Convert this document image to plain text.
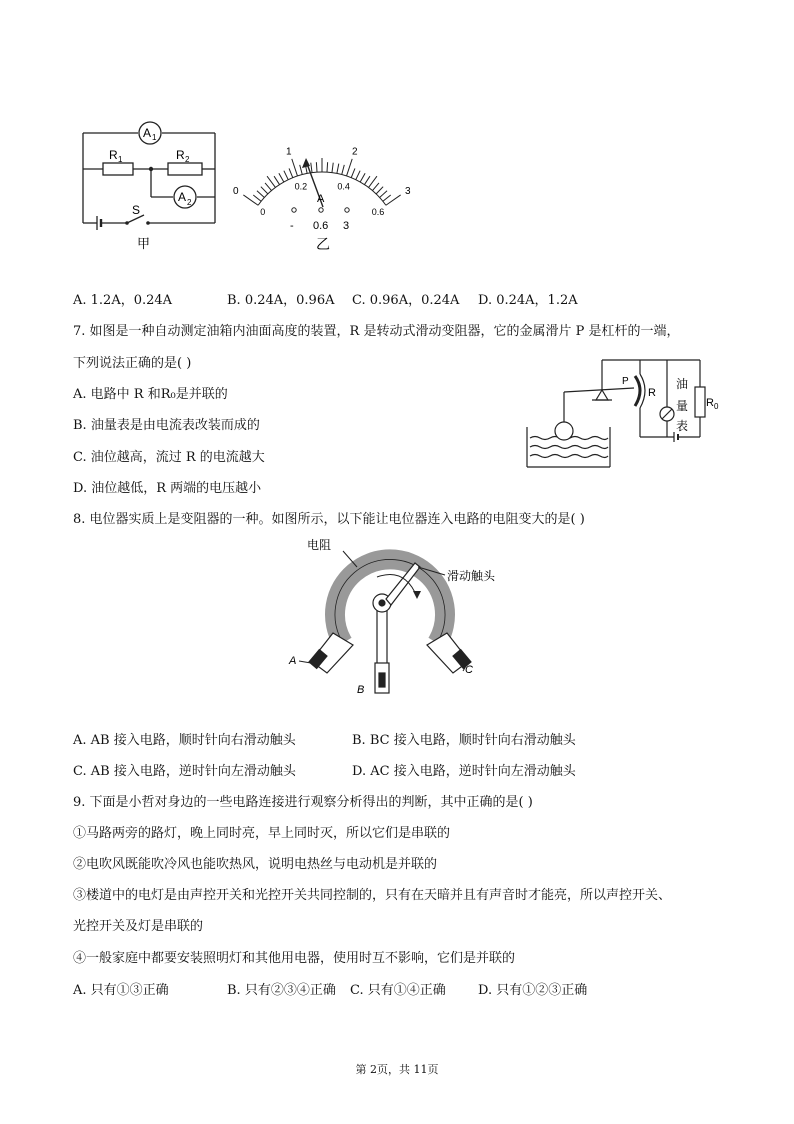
A 1
R 1	R 2
A 2
S
甲
0
1	2
3
0
0.2	0.4
0.6
A
- 0.6 3
乙
A. 1.2A，0.24A	B. 0.24A，0.96A C. 0.96A，0.24A D. 0.24A，1.2A
7. 如图是一种自动测定油箱内油面高度的装置，R 是转动式滑动变阻器，它的金属滑片 P 是杠杆的一端，
下列说法正确的是( )
A. 电路中 R 和R₀是并联的
B. 油量表是由电流表改装而成的
C. 油位越高，流过 R 的电流越大
D. 油位越低，R 两端的电压越小
P
R
油
量
表
R 0
8. 电位器实质上是变阻器的一种。如图所示，以下能让电位器连入电路的电阻变大的是( )
电阻
滑动触头
A
B
C
A. AB 接入电路，顺时针向右滑动触头	B. BC 接入电路，顺时针向右滑动触头
C. AB 接入电路，逆时针向左滑动触头	D. AC 接入电路，逆时针向左滑动触头
9. 下面是小哲对身边的一些电路连接进行观察分析得出的判断，其中正确的是( )
①马路两旁的路灯，晚上同时亮，早上同时灭，所以它们是串联的
②电吹风既能吹冷风也能吹热风，说明电热丝与电动机是并联的
③楼道中的电灯是由声控开关和光控开关共同控制的，只有在天暗并且有声音时才能亮，所以声控开关、
光控开关及灯是串联的
④一般家庭中都要安装照明灯和其他用电器，使用时互不影响，它们是并联的
A. 只有①③正确	B. 只有②③④正确 C. 只有①④正确 D. 只有①②③正确
第 2页，共 11页
